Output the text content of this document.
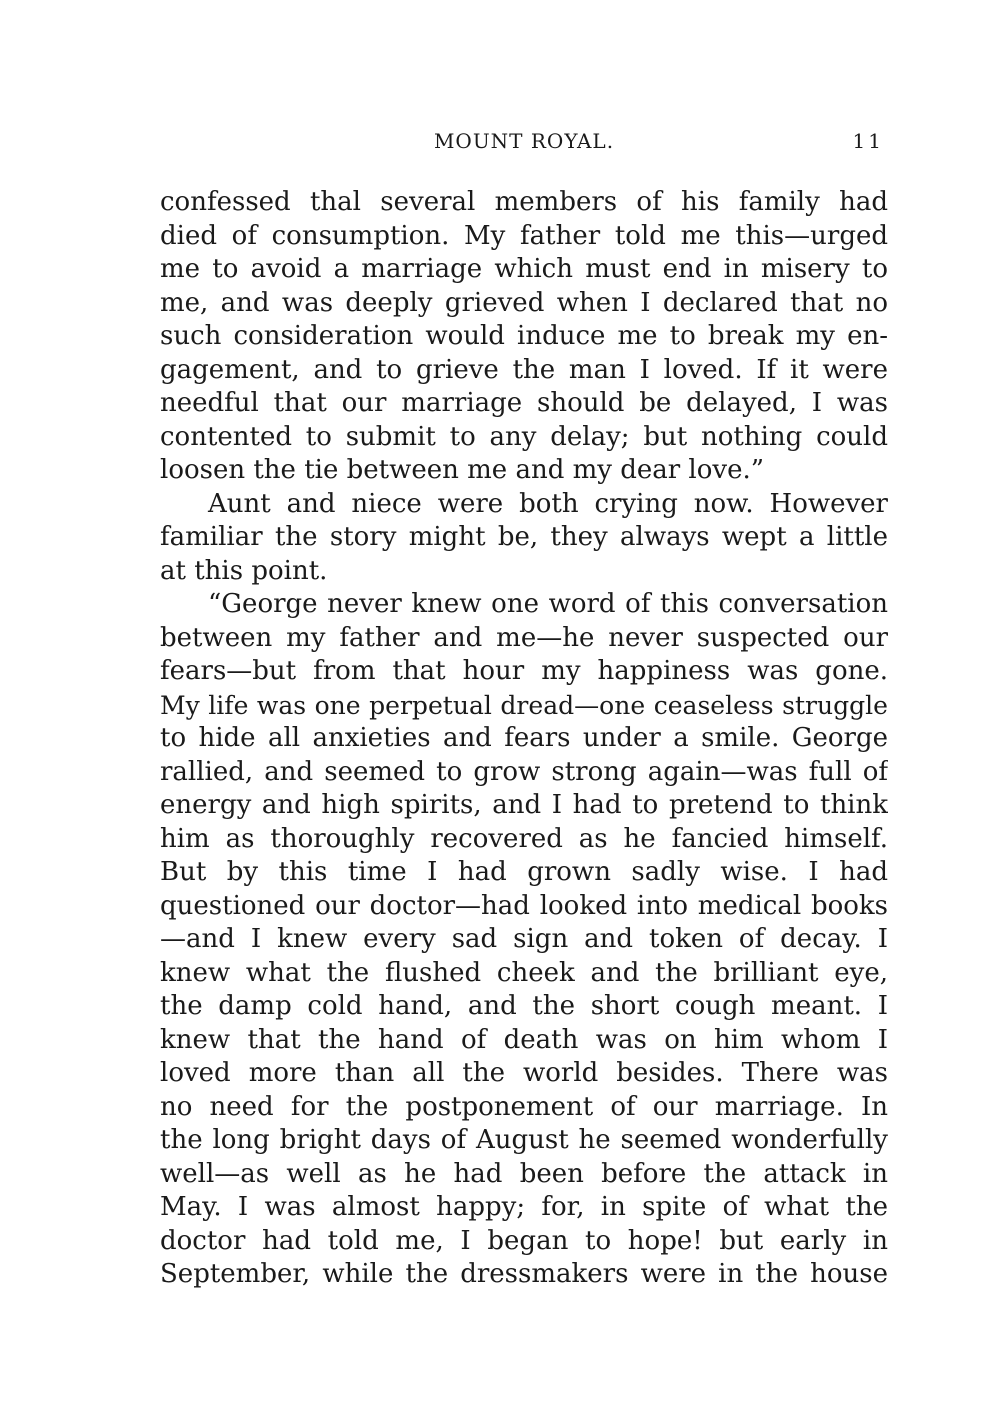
MOUNT ROYAL.	11

confessed thal several members of his family had
died of consumption. My father told me this—urged
me to avoid a marriage which must end in misery to
me, and was deeply grieved when I declared that no
such consideration would induce me to break my en-
gagement, and to grieve the man I loved. If it were
needful that our marriage should be delayed, I was
contented to submit to any delay; but nothing could
loosen the tie between me and my dear love.”

Aunt and niece were both crying now. However
familiar the story might be, they always wept a little
at this point.

“George never knew one word of this conversation
between my father and me—he never suspected our
fears—but from that hour my happiness was gone.
My life was one perpetual dread—one ceaseless struggle
to hide all anxieties and fears under a smile. George
rallied, and seemed to grow strong again—was full of
energy and high spirits, and I had to pretend to think
him as thoroughly recovered as he fancied himself.
But by this time I had grown sadly wise. I had
questioned our doctor—had looked into medical books
—and I knew every sad sign and token of decay. I
knew what the flushed cheek and the brilliant eye,
the damp cold hand, and the short cough meant. I
knew that the hand of death was on him whom I
loved more than all the world besides. There was
no need for the postponement of our marriage. In
the long bright days of August he seemed wonderfully
well—as well as he had been before the attack in
May. I was almost happy; for, in spite of what the
doctor had told me, I began to hope! but early in
September, while the dressmakers were in the house
